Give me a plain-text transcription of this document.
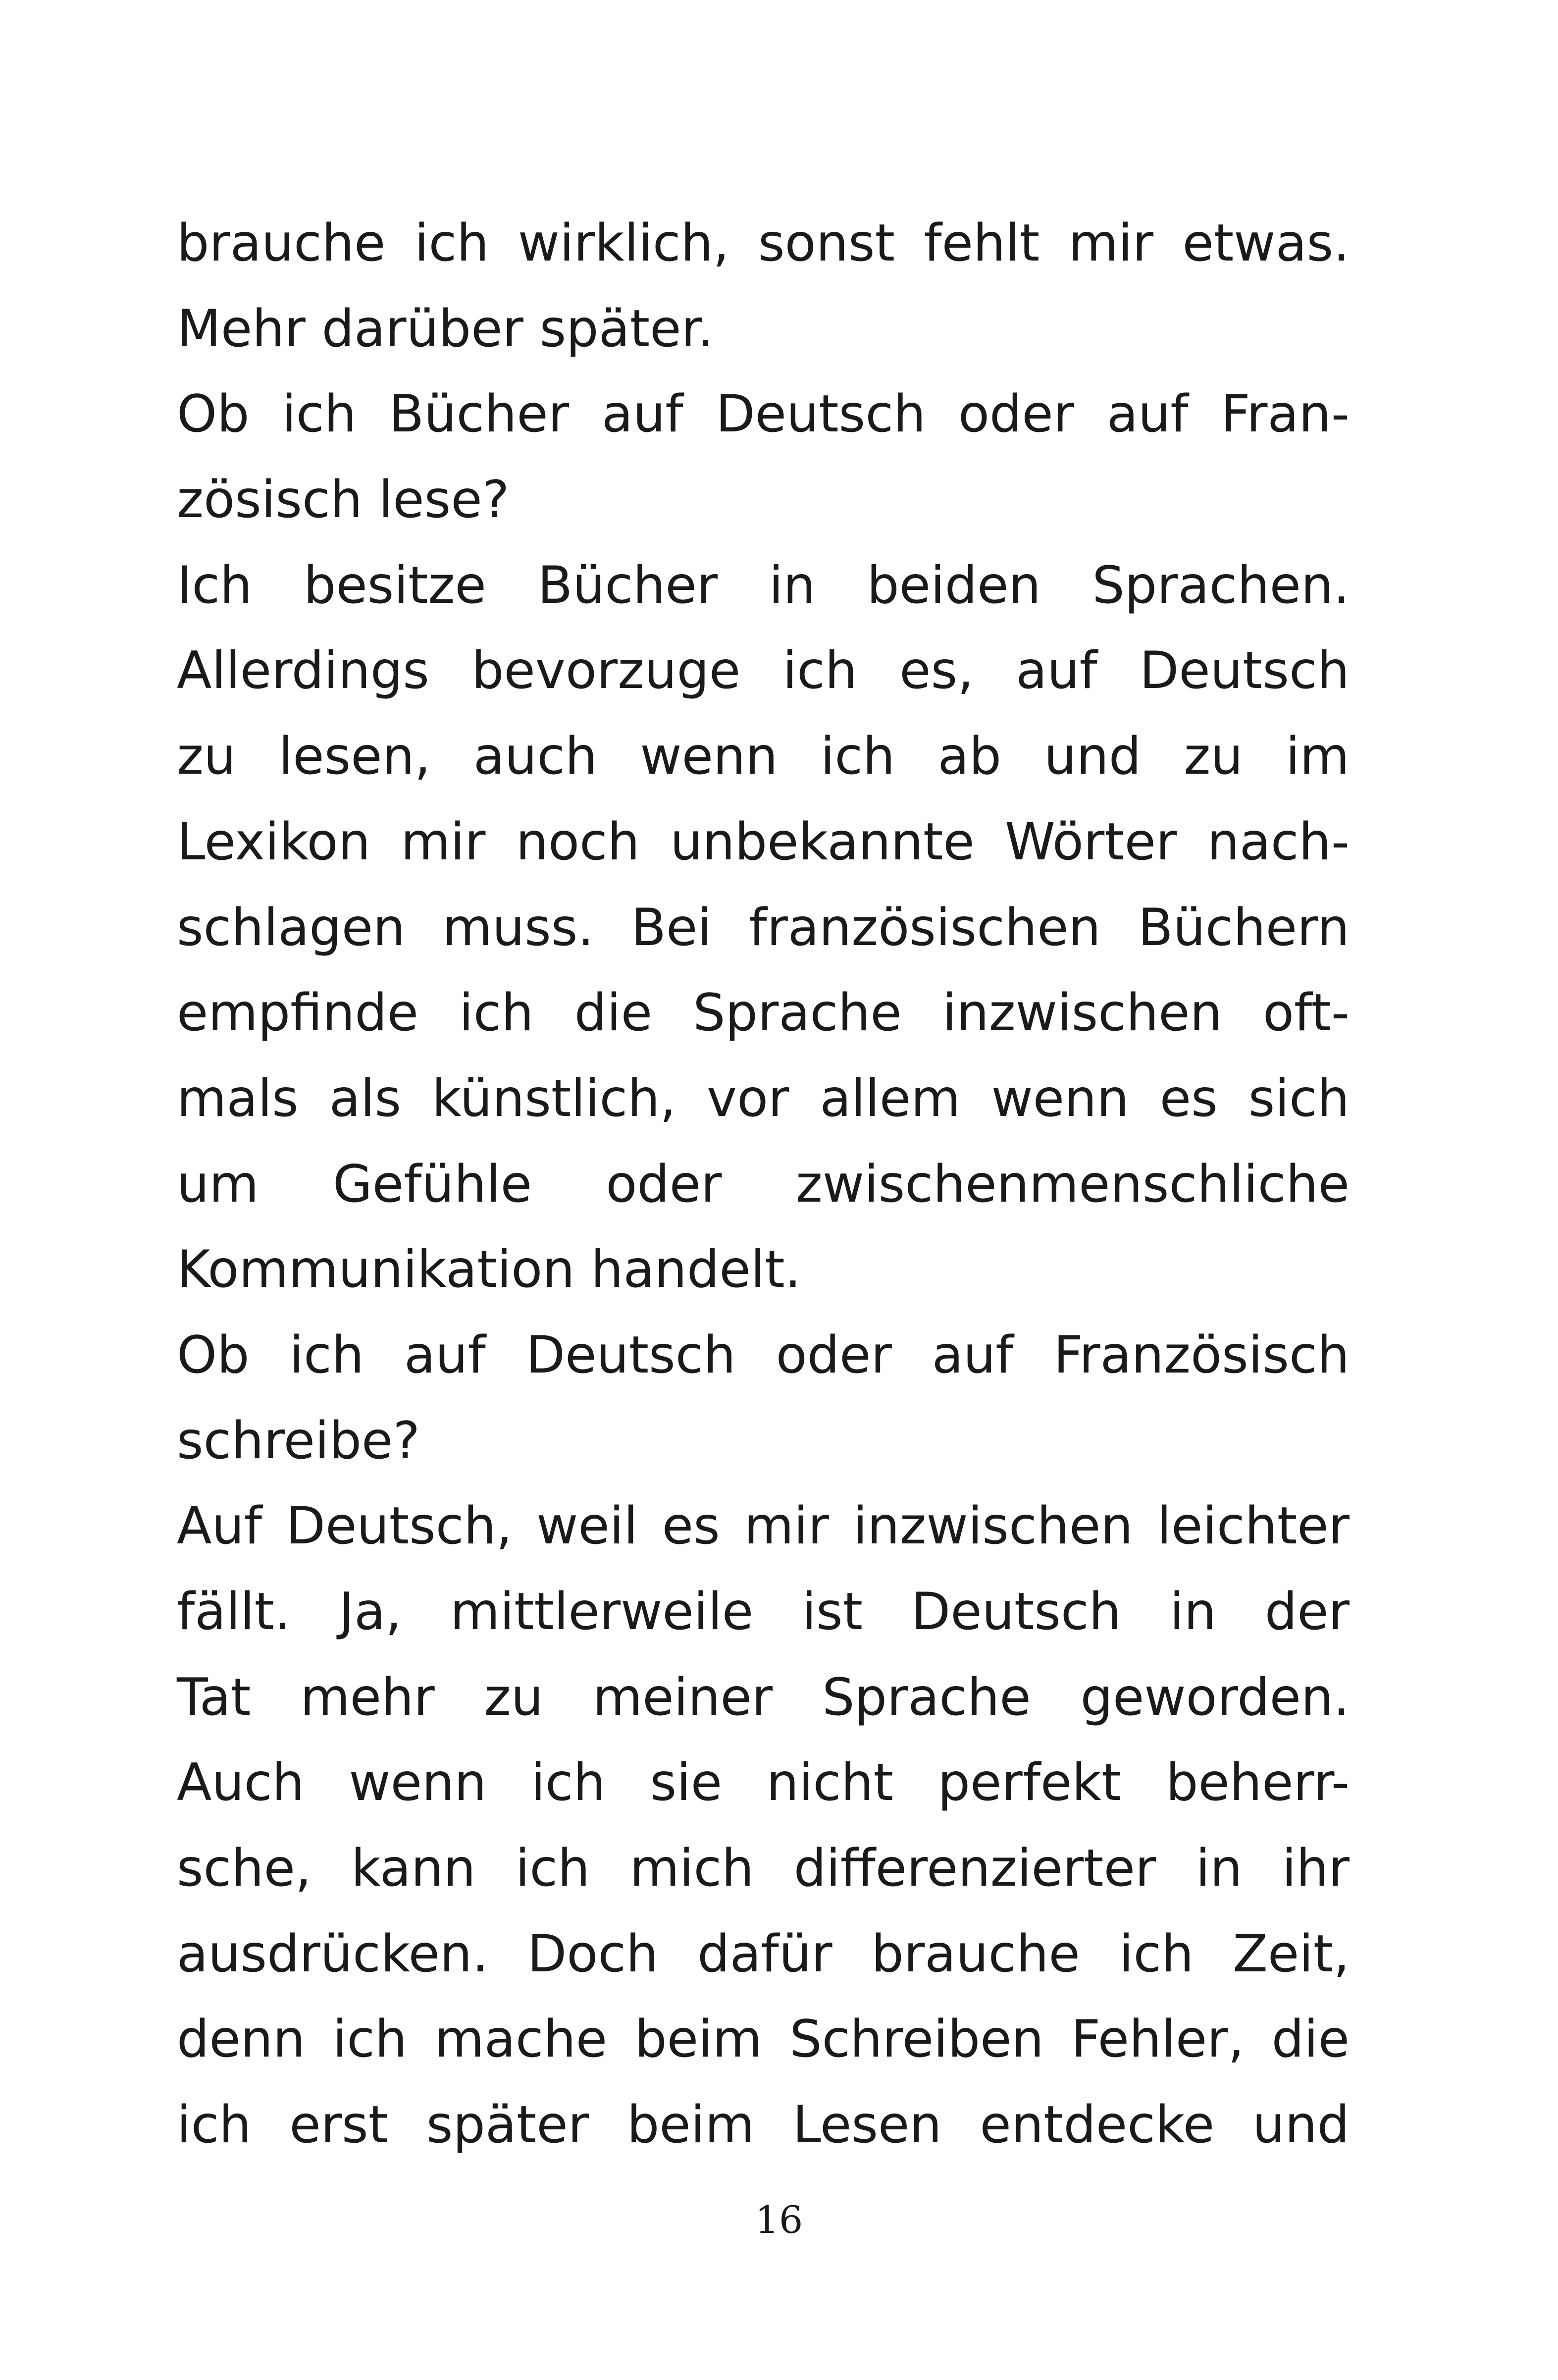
brauche ich wirklich, sonst fehlt mir etwas.
Mehr darüber später.
Ob ich Bücher auf Deutsch oder auf Fran-
zösisch lese?
Ich besitze Bücher in beiden Sprachen.
Allerdings bevorzuge ich es, auf Deutsch
zu lesen, auch wenn ich ab und zu im
Lexikon mir noch unbekannte Wörter nach-
schlagen muss. Bei französischen Büchern
empfinde ich die Sprache inzwischen oft-
mals als künstlich, vor allem wenn es sich
um Gefühle oder zwischenmenschliche
Kommunikation handelt.
Ob ich auf Deutsch oder auf Französisch
schreibe?
Auf Deutsch, weil es mir inzwischen leichter
fällt. Ja, mittlerweile ist Deutsch in der
Tat mehr zu meiner Sprache geworden.
Auch wenn ich sie nicht perfekt beherr-
sche, kann ich mich differenzierter in ihr
ausdrücken. Doch dafür brauche ich Zeit,
denn ich mache beim Schreiben Fehler, die
ich erst später beim Lesen entdecke und
16
